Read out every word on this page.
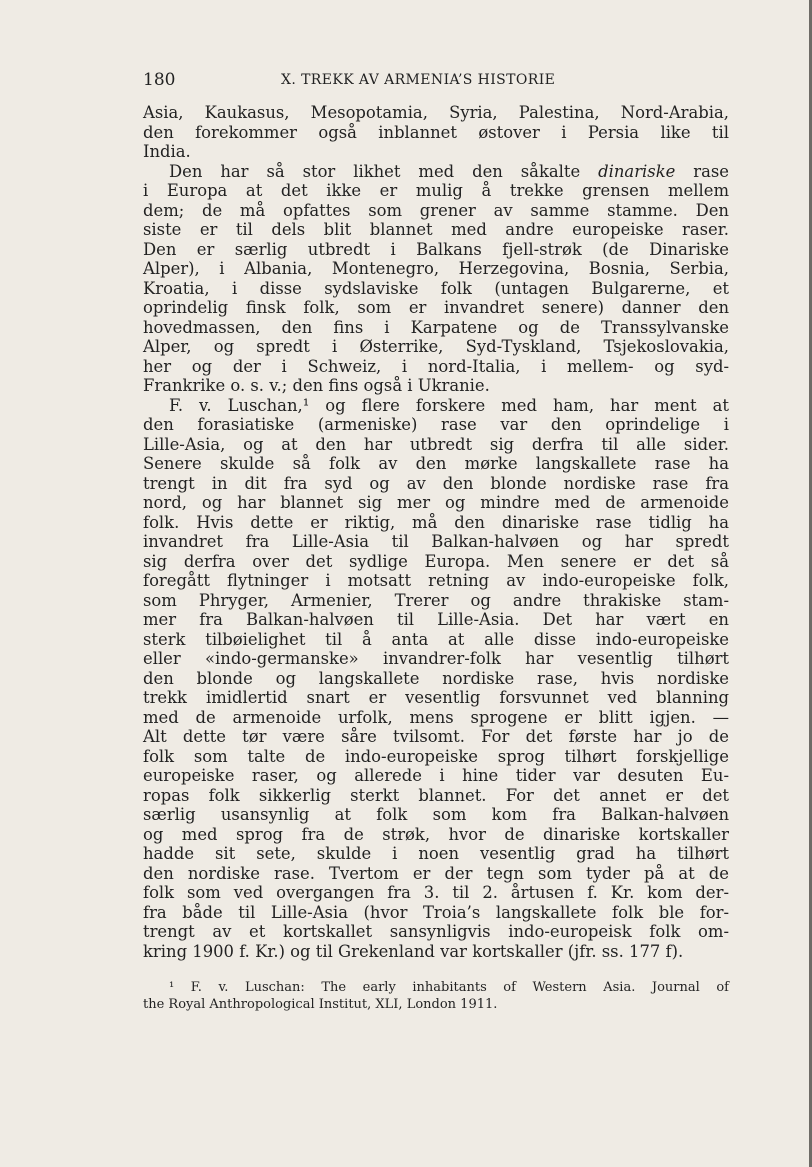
180	X. TREKK AV ARMENIA’S HISTORIE
Asia, Kaukasus, Mesopotamia, Syria, Palestina, Nord-Arabia,
den forekommer også inblannet østover i Persia like til
India.
Den har så stor likhet med den såkalte dinariske rase
i Europa at det ikke er mulig å trekke grensen mellem
dem; de må opfattes som grener av samme stamme. Den
siste er til dels blit blannet med andre europeiske raser.
Den er særlig utbredt i Balkans fjell-strøk (de Dinariske
Alper), i Albania, Montenegro, Herzegovina, Bosnia, Serbia,
Kroatia, i disse sydslaviske folk (untagen Bulgarerne, et
oprindelig finsk folk, som er invandret senere) danner den
hovedmassen, den fins i Karpatene og de Transsylvanske
Alper, og spredt i Østerrike, Syd-Tyskland, Tsjekoslovakia,
her og der i Schweiz, i nord-Italia, i mellem- og syd-
Frankrike o. s. v.; den fins også i Ukranie.
F. v. Luschan,¹ og flere forskere med ham, har ment at
den forasiatiske (armeniske) rase var den oprindelige i
Lille-Asia, og at den har utbredt sig derfra til alle sider.
Senere skulde så folk av den mørke langskallete rase ha
trengt in dit fra syd og av den blonde nordiske rase fra
nord, og har blannet sig mer og mindre med de armenoide
folk. Hvis dette er riktig, må den dinariske rase tidlig ha
invandret fra Lille-Asia til Balkan-halvøen og har spredt
sig derfra over det sydlige Europa. Men senere er det så
foregått flytninger i motsatt retning av indo-europeiske folk,
som Phryger, Armenier, Trerer og andre thrakiske stam-
mer fra Balkan-halvøen til Lille-Asia. Det har vært en
sterk tilbøielighet til å anta at alle disse indo-europeiske
eller «indo-germanske» invandrer-folk har vesentlig tilhørt
den blonde og langskallete nordiske rase, hvis nordiske
trekk imidlertid snart er vesentlig forsvunnet ved blanning
med de armenoide urfolk, mens sprogene er blitt igjen. —
Alt dette tør være såre tvilsomt. For det første har jo de
folk som talte de indo-europeiske sprog tilhørt forskjellige
europeiske raser, og allerede i hine tider var desuten Eu-
ropas folk sikkerlig sterkt blannet. For det annet er det
særlig usansynlig at folk som kom fra Balkan-halvøen
og med sprog fra de strøk, hvor de dinariske kortskaller
hadde sit sete, skulde i noen vesentlig grad ha tilhørt
den nordiske rase. Tvertom er der tegn som tyder på at de
folk som ved overgangen fra 3. til 2. årtusen f. Kr. kom der-
fra både til Lille-Asia (hvor Troia’s langskallete folk ble for-
trengt av et kortskallet sansynligvis indo-europeisk folk om-
kring 1900 f. Kr.) og til Grekenland var kortskaller (jfr. ss. 177 f).
¹ F. v. Luschan: The early inhabitants of Western Asia. Journal of
the Royal Anthropological Institut, XLI, London 1911.
